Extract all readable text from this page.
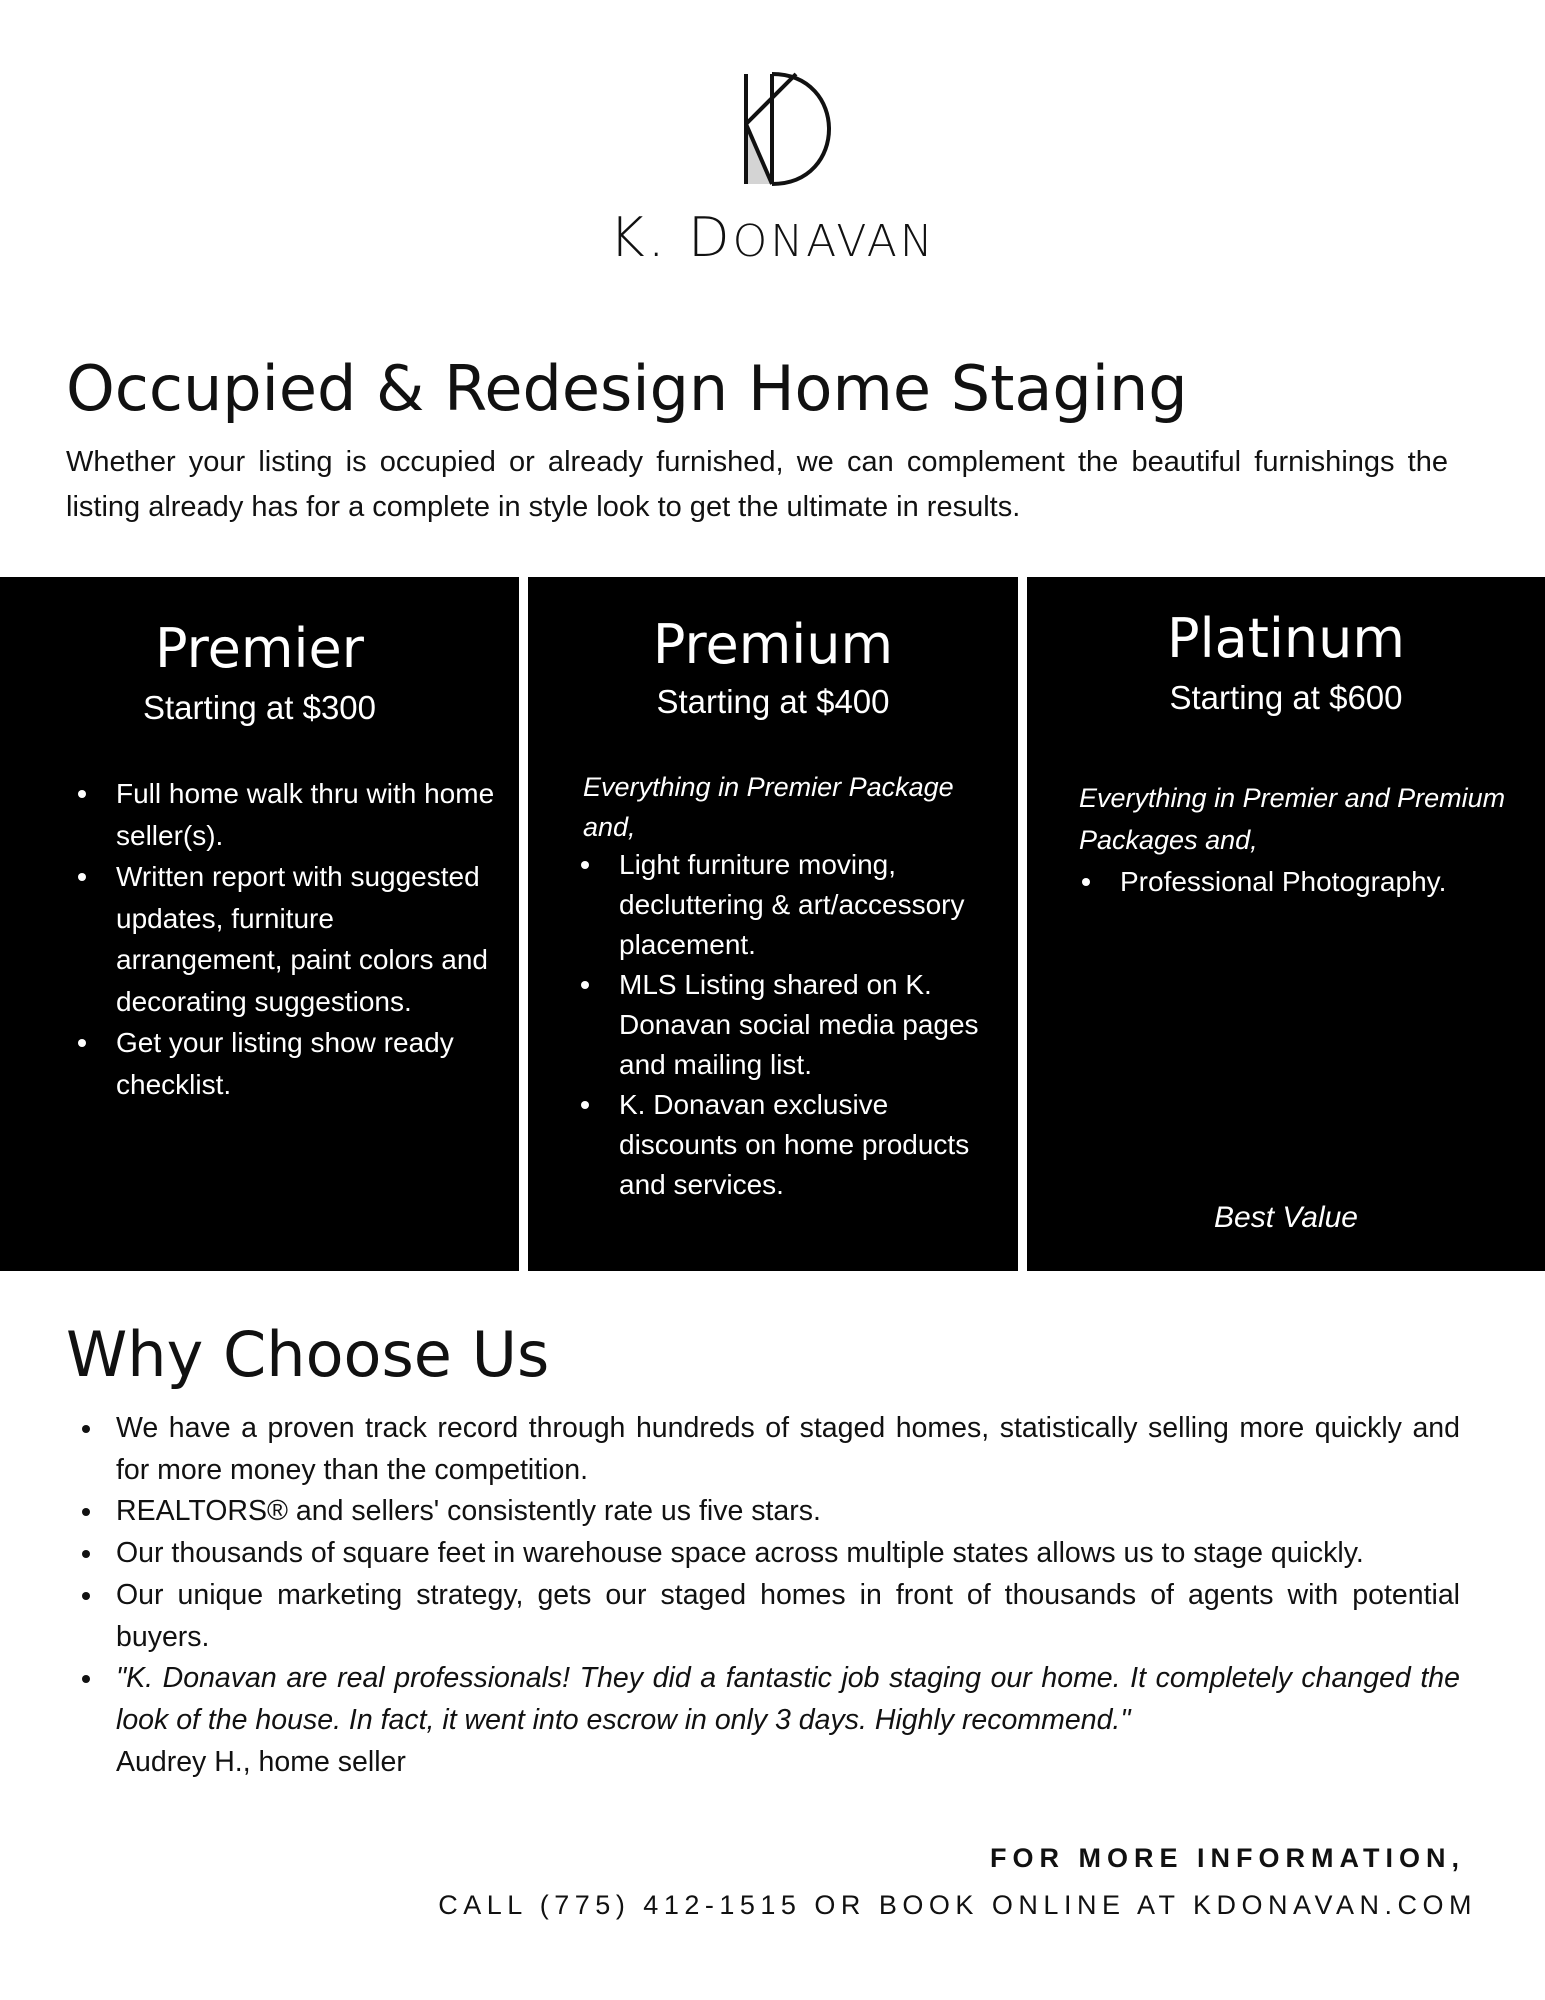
K. DONAVAN
Occupied & Redesign Home Staging

Whether your listing is occupied or already furnished, we can complement the beautiful furnishings the listing already has for a complete in style look to get the ultimate in results.

Premier

Starting at $300

Full home walk thru with home seller(s).
Written report with suggested updates, furniture arrangement, paint colors and decorating suggestions.
Get your listing show ready checklist.
Premium

Starting at $400

Everything in Premier Package and,

Light furniture moving, decluttering & art/accessory placement.
MLS Listing shared on K. Donavan social media pages and mailing list.
K. Donavan exclusive discounts on home products and services.
Platinum

Starting at $600

Everything in Premier and Premium Packages and,

Professional Photography.

Best Value

Why Choose Us
We have a proven track record through hundreds of staged homes, statistically selling more quickly and for more money than the competition.
REALTORS® and sellers' consistently rate us five stars.
Our thousands of square feet in warehouse space across multiple states allows us to stage quickly.
Our unique marketing strategy, gets our staged homes in front of thousands of agents with potential buyers.
"K. Donavan are real professionals! They did a fantastic job staging our home. It completely changed the look of the house. In fact, it went into escrow in only 3 days. Highly recommend."
Audrey H., home seller

FOR MORE INFORMATION,

CALL (775) 412-1515 OR BOOK ONLINE AT KDONAVAN.COM
